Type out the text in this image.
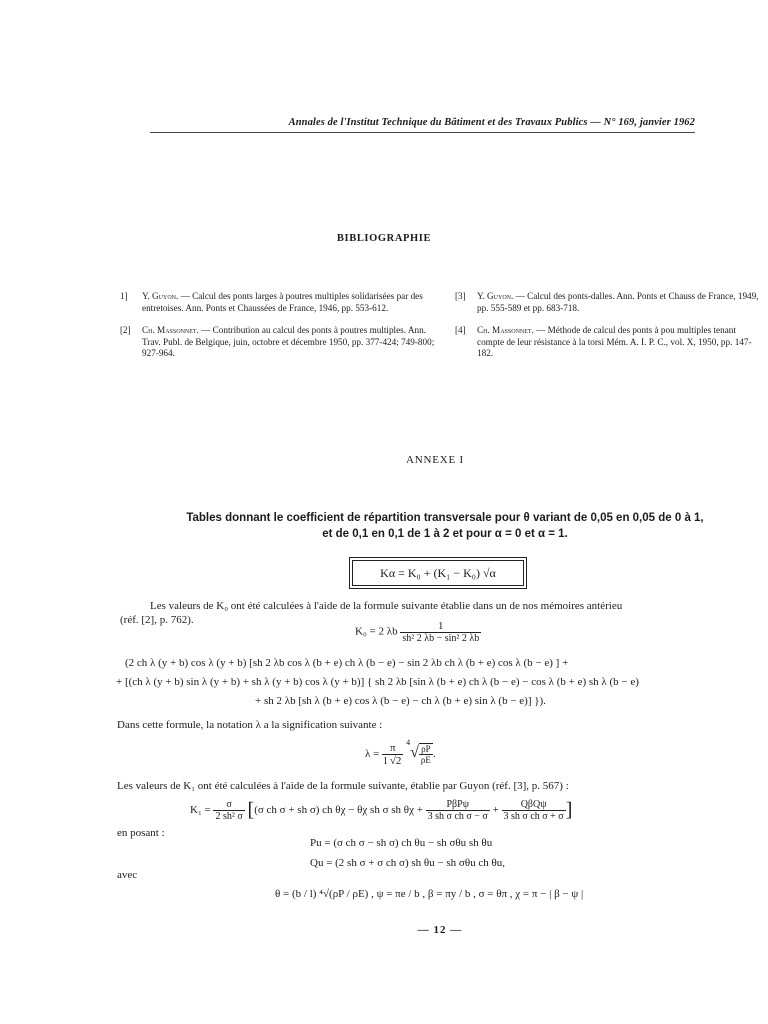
Annales de l'Institut Technique du Bâtiment et des Travaux Publics — N° 169, janvier 1962
BIBLIOGRAPHIE
1]	Y. Guyon. — Calcul des ponts larges à poutres multiples solidarisées par des entretoises. Ann. Ponts et Chaussées de France, 1946, pp. 553-612.
[2]	Ch. Massonnet. — Contribution au calcul des ponts à poutres multiples. Ann. Trav. Publ. de Belgique, juin, octobre et décembre 1950, pp. 377-424; 749-800; 927-964.
[3]	Y. Guyon. — Calcul des ponts-dalles. Ann. Ponts et Chauss de France, 1949, pp. 555-589 et pp. 683-718.
[4]	Ch. Massonnet. — Méthode de calcul des ponts à pou multiples tenant compte de leur résistance à la torsi Mém. A. I. P. C., vol. X, 1950, pp. 147-182.
ANNEXE I
Tables donnant le coefficient de répartition transversale pour θ variant de 0,05 en 0,05 de 0 à 1,
et de 0,1 en 0,1 de 1 à 2 et pour α = 0 et α = 1.
Kα = K₀ + (K₁ − K₀) √α
Les valeurs de K₀ ont été calculées à l'aide de la formule suivante établie dans un de nos mémoires antérieu
(réf. [2], p. 762).
K₀ = 2 λb $\frac{1}{\text{sh² 2 λb − sin² 2 λb}}$
(2 ch λ (y + b) cos λ (y + b) [sh 2 λb cos λ (b + e) ch λ (b − e) − sin 2 λb ch λ (b + e) cos λ (b − e) ] +
+ [(ch λ (y + b) sin λ (y + b) + sh λ (y + b) cos λ (y + b)] { sh 2 λb [sin λ (b + e) ch λ (b − e) − cos λ (b + e) sh λ (b − e)
+ sh 2 λb [sh λ (b + e) cos λ (b − e) − ch λ (b + e) sin λ (b − e)] }).
Dans cette formule, la notation λ a la signification suivante :
$\lambda = \frac{\pi}{l √2} ^4√ \frac{\rho P}{\rho E}$ .
Les valeurs de K₁ ont été calculées à l'aide de la formule suivante, établie par Guyon (réf. [3], p. 567) :
$K_1 = \frac{\sigma}{\text{2 sh² σ}} [(\sigma$ ch σ + sh σ) ch θχ − θχ sh σ sh $\theta\chi + \frac{\text{PβPψ}}{\text{3 sh σ ch σ − σ}} + \frac{\text{QβQψ}}{\text{3 sh σ ch σ + σ}}$ ]
en posant :
Pu = (σ ch σ − sh σ) ch θu − sh σθu sh θu
Qu = (2 sh σ + σ ch σ) sh θu − sh σθu ch θu,
avec
θ = (b / l) ⁴√(ρP / ρE) , ψ = πe / b , β = πy / b , σ = θπ , χ = π − | β − ψ |
— 12 —
